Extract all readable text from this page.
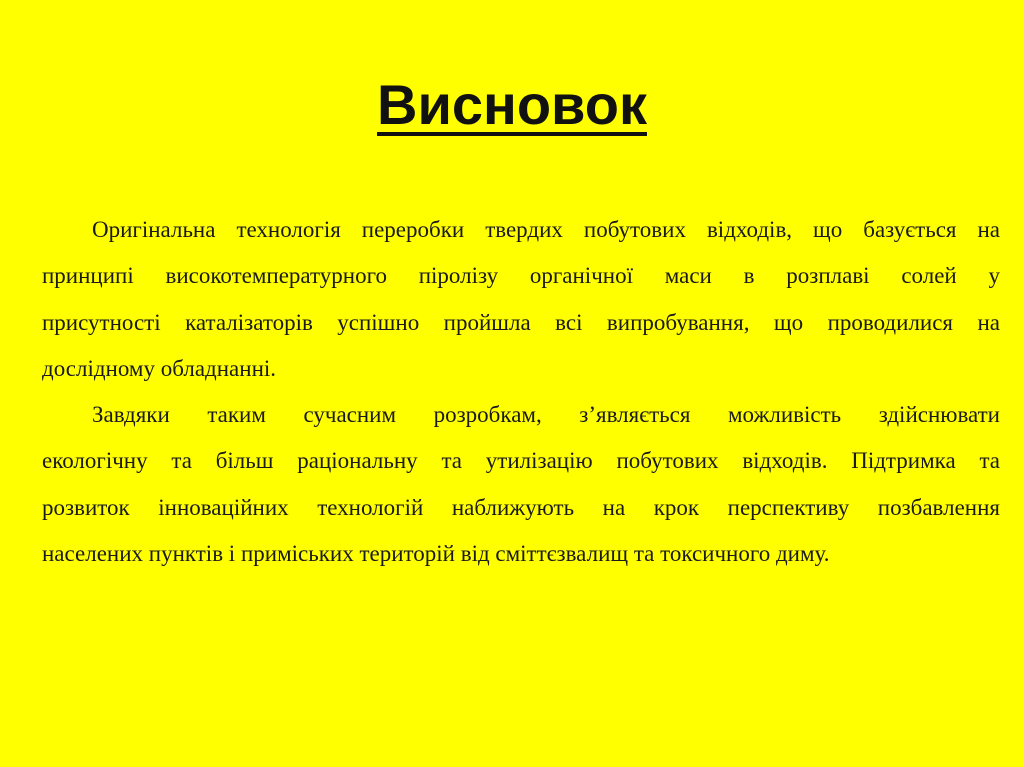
Висновок
Оригінальна технологія переробки твердих побутових відходів, що базується на
принципі високотемпературного піролізу органічної маси в розплаві солей у
присутності каталізаторів успішно пройшла всі випробування, що проводилися на
дослідному обладнанні.
Завдяки таким сучасним розробкам, з’являється можливість здійснювати
екологічну та більш раціональну та утилізацію побутових відходів. Підтримка та
розвиток інноваційних технологій наближують на крок перспективу позбавлення
населених пунктів і приміських територій від сміттєзвалищ та токсичного диму.
